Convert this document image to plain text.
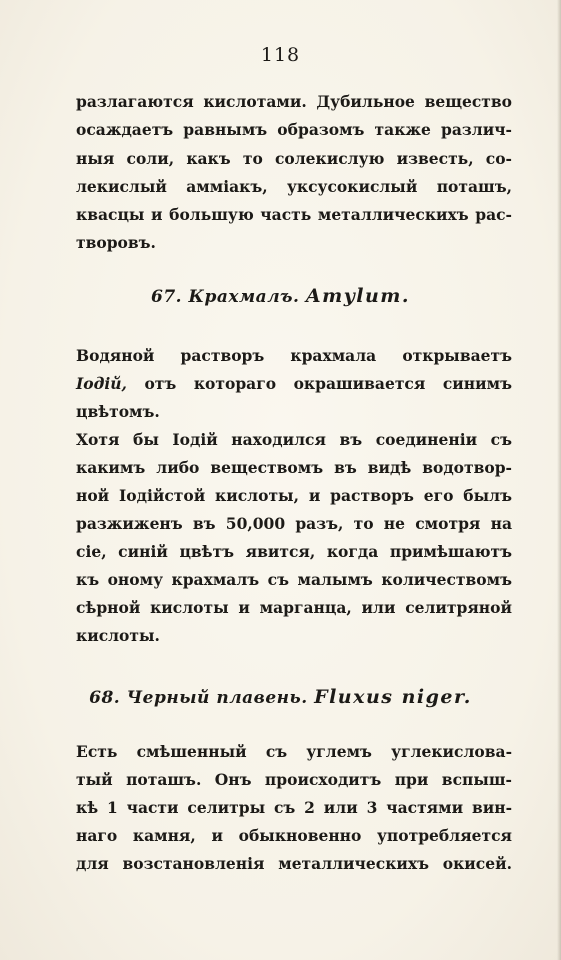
118
разлагаются кислотами. Дубильное вещество
осаждаетъ равнымъ образомъ также различ-
ныя соли, какъ то солекислую известь, со-
лекислый аммiакъ, уксусокислый поташъ,
квасцы и большую часть металлическихъ рас-
творовъ.
67. Крахмалъ. Amylum.
Водяной растворъ крахмала открываетъ
Iодiй, отъ котораго окрашивается синимъ
цвѣтомъ.
Хотя бы Iодiй находился въ соединенiи съ
какимъ либо веществомъ въ видѣ водотвор-
ной Iодiйстой кислоты, и растворъ его былъ
разжиженъ въ 50,000 разъ, то не смотря на
сiе, синiй цвѣтъ явится, когда примѣшаютъ
къ оному крахмалъ съ малымъ количествомъ
сѣрной кислоты и марганца, или селитряной
кислоты.
68. Черный плавень. Fluxus niger.
Есть смѣшенный съ углемъ углекислова-
тый поташъ. Онъ происходитъ при вспыш-
кѣ 1 части селитры съ 2 или 3 частями вин-
наго камня, и обыкновенно употребляется
для возстановленiя металлическихъ окисей.
